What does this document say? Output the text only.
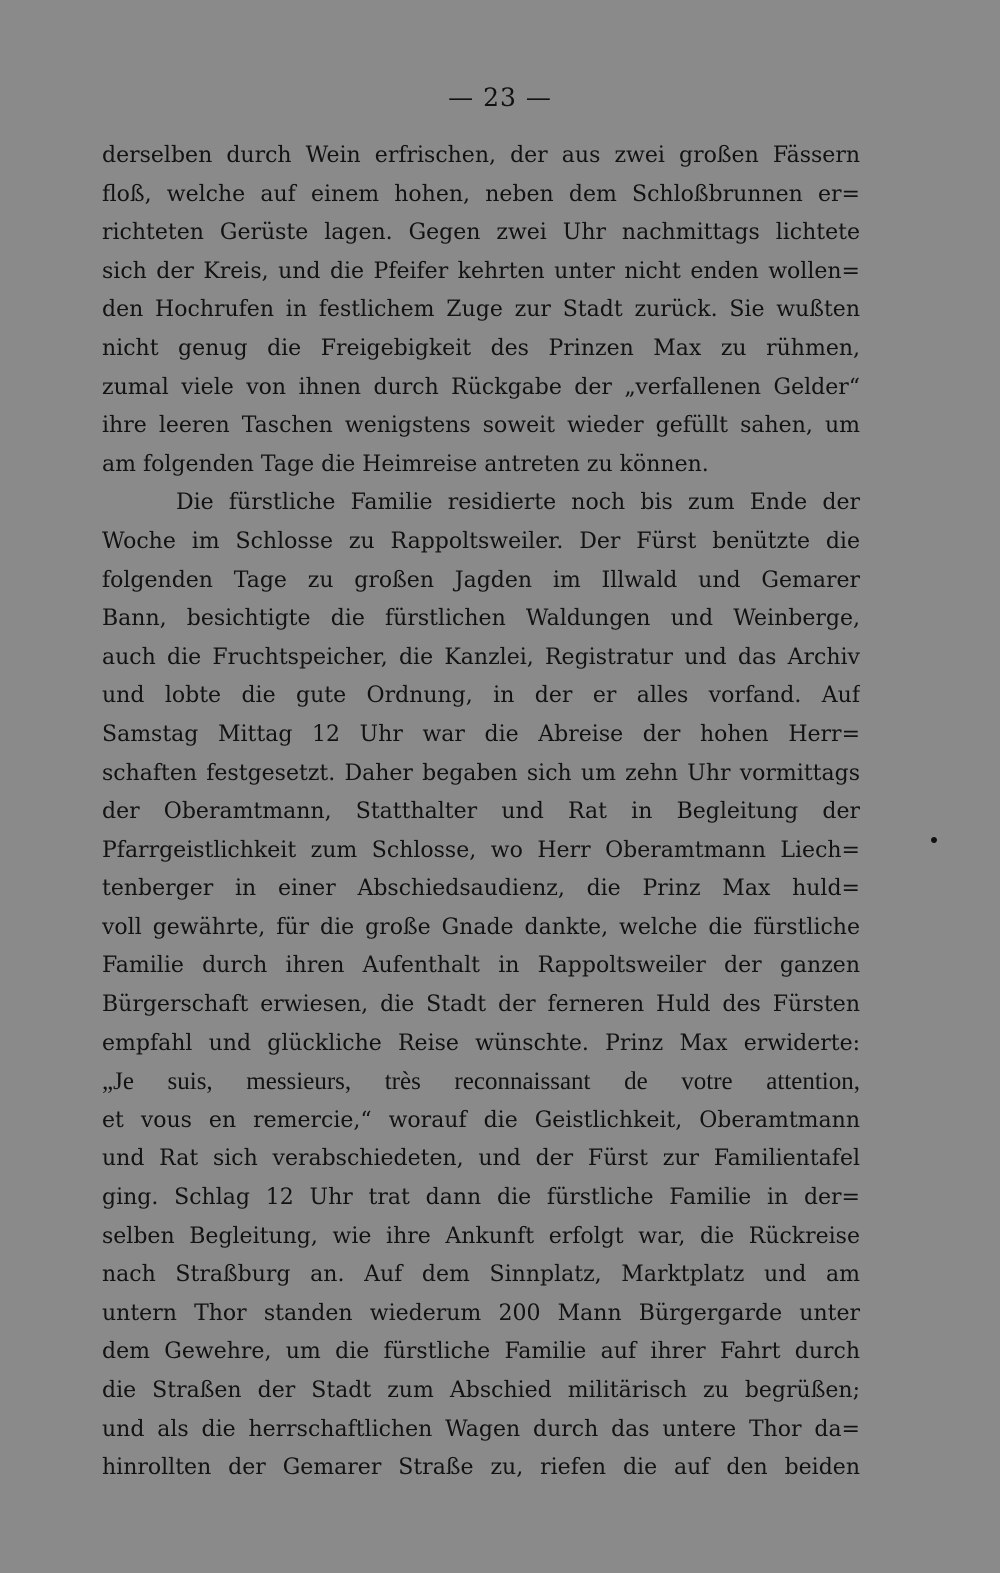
— 23 —
derselben durch Wein erfrischen, der aus zwei großen Fässern
floß, welche auf einem hohen, neben dem Schloßbrunnen er=
richteten Gerüste lagen. Gegen zwei Uhr nachmittags lichtete
sich der Kreis, und die Pfeifer kehrten unter nicht enden wollen=
den Hochrufen in festlichem Zuge zur Stadt zurück. Sie wußten
nicht genug die Freigebigkeit des Prinzen Max zu rühmen,
zumal viele von ihnen durch Rückgabe der „verfallenen Gelder“
ihre leeren Taschen wenigstens soweit wieder gefüllt sahen, um
am folgenden Tage die Heimreise antreten zu können.
Die fürstliche Familie residierte noch bis zum Ende der
Woche im Schlosse zu Rappoltsweiler. Der Fürst benützte die
folgenden Tage zu großen Jagden im Illwald und Gemarer
Bann, besichtigte die fürstlichen Waldungen und Weinberge,
auch die Fruchtspeicher, die Kanzlei, Registratur und das Archiv
und lobte die gute Ordnung, in der er alles vorfand. Auf
Samstag Mittag 12 Uhr war die Abreise der hohen Herr=
schaften festgesetzt. Daher begaben sich um zehn Uhr vormittags
der Oberamtmann, Statthalter und Rat in Begleitung der
Pfarrgeistlichkeit zum Schlosse, wo Herr Oberamtmann Liech=
tenberger in einer Abschiedsaudienz, die Prinz Max huld=
voll gewährte, für die große Gnade dankte, welche die fürstliche
Familie durch ihren Aufenthalt in Rappoltsweiler der ganzen
Bürgerschaft erwiesen, die Stadt der ferneren Huld des Fürsten
empfahl und glückliche Reise wünschte. Prinz Max erwiderte:
„Je suis, messieurs, très reconnaissant de votre attention,
et vous en remercie,“ worauf die Geistlichkeit, Oberamtmann
und Rat sich verabschiedeten, und der Fürst zur Familientafel
ging. Schlag 12 Uhr trat dann die fürstliche Familie in der=
selben Begleitung, wie ihre Ankunft erfolgt war, die Rückreise
nach Straßburg an. Auf dem Sinnplatz, Marktplatz und am
untern Thor standen wiederum 200 Mann Bürgergarde unter
dem Gewehre, um die fürstliche Familie auf ihrer Fahrt durch
die Straßen der Stadt zum Abschied militärisch zu begrüßen;
und als die herrschaftlichen Wagen durch das untere Thor da=
hinrollten der Gemarer Straße zu, riefen die auf den beiden
